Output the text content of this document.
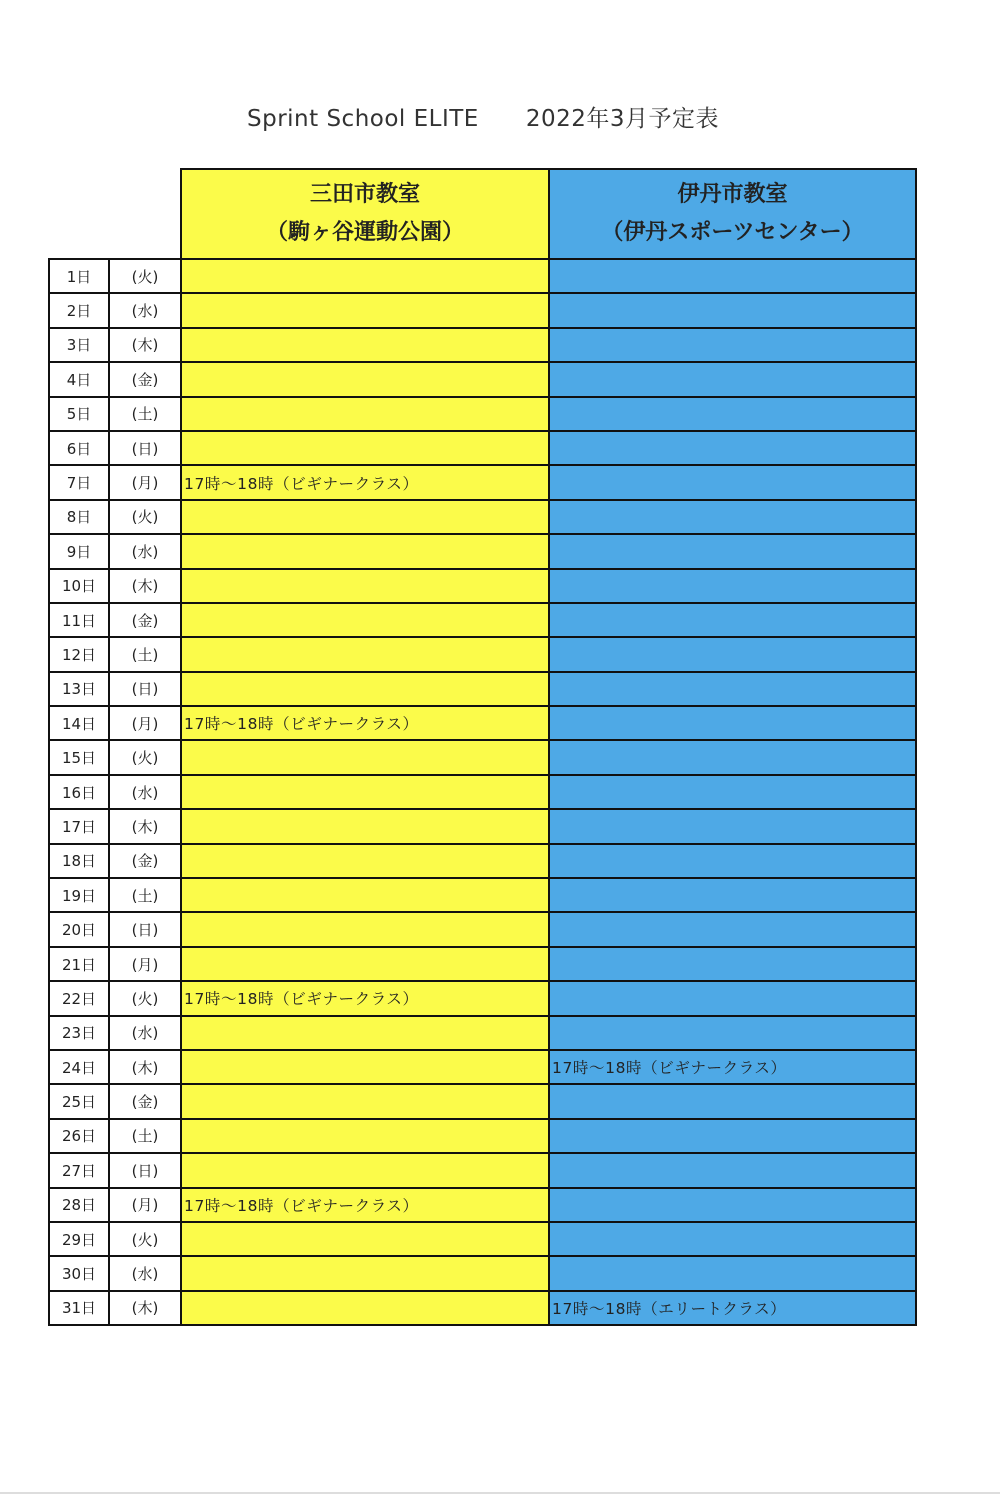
Sprint School ELITE　　2022年3月予定表

		三田市教室
（駒ヶ谷運動公園）	伊丹市教室
（伊丹スポーツセンター）

1日	(火)		
2日	(水)		
3日	(木)		
4日	(金)		
5日	(土)		
6日	(日)		
7日	(月)	17時〜18時（ビギナークラス）	
8日	(火)		
9日	(水)		
10日	(木)		
11日	(金)		
12日	(土)		
13日	(日)		
14日	(月)	17時〜18時（ビギナークラス）	
15日	(火)		
16日	(水)		
17日	(木)		
18日	(金)		
19日	(土)		
20日	(日)		
21日	(月)		
22日	(火)	17時〜18時（ビギナークラス）	
23日	(水)		
24日	(木)		17時〜18時（ビギナークラス）
25日	(金)		
26日	(土)		
27日	(日)		
28日	(月)	17時〜18時（ビギナークラス）	
29日	(火)		
30日	(水)		
31日	(木)		17時〜18時（エリートクラス）
